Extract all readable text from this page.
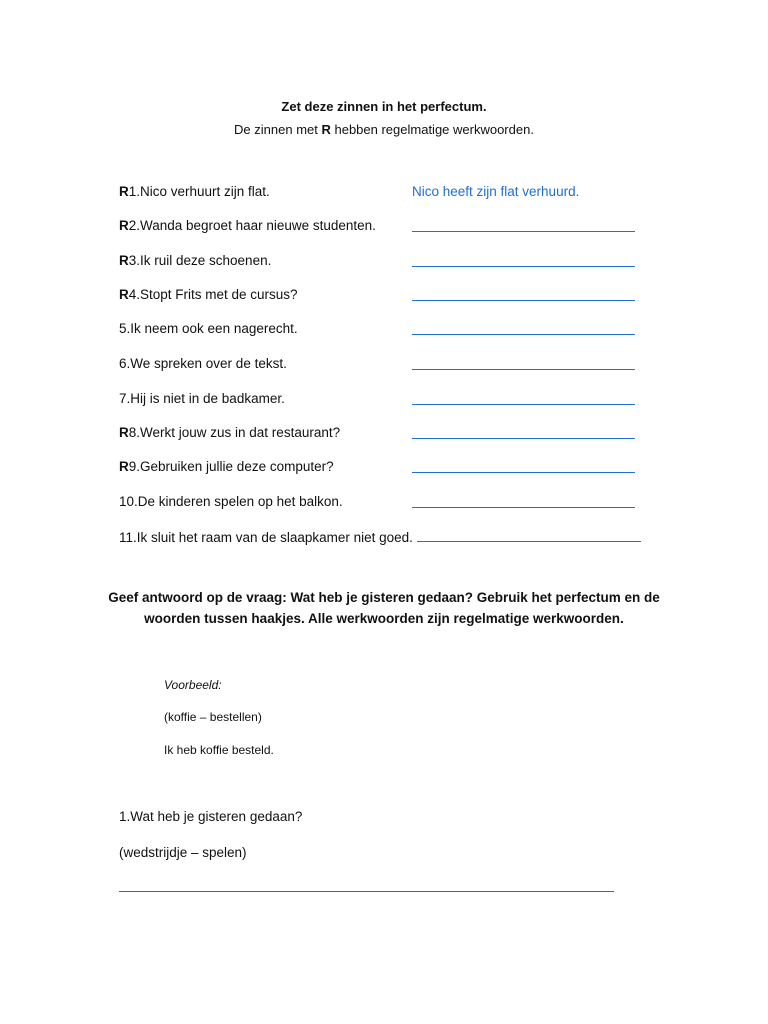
Zet deze zinnen in het perfectum.
De zinnen met R hebben regelmatige werkwoorden.
R1.Nico verhuurt zijn flat.	Nico heeft zijn flat verhuurd.
R2.Wanda begroet haar nieuwe studenten.
R3.Ik ruil deze schoenen.
R4.Stopt Frits met de cursus?
5.Ik neem ook een nagerecht.
6.We spreken over de tekst.
7.Hij is niet in de badkamer.
R8.Werkt jouw zus in dat restaurant?
R9.Gebruiken jullie deze computer?
10.De kinderen spelen op het balkon.
11.Ik sluit het raam van de slaapkamer niet goed.
Geef antwoord op de vraag: Wat heb je gisteren gedaan? Gebruik het perfectum en de woorden tussen haakjes. Alle werkwoorden zijn regelmatige werkwoorden.
Voorbeeld:
(koffie – bestellen)
Ik heb koffie besteld.
1.Wat heb je gisteren gedaan?
(wedstrijdje – spelen)
